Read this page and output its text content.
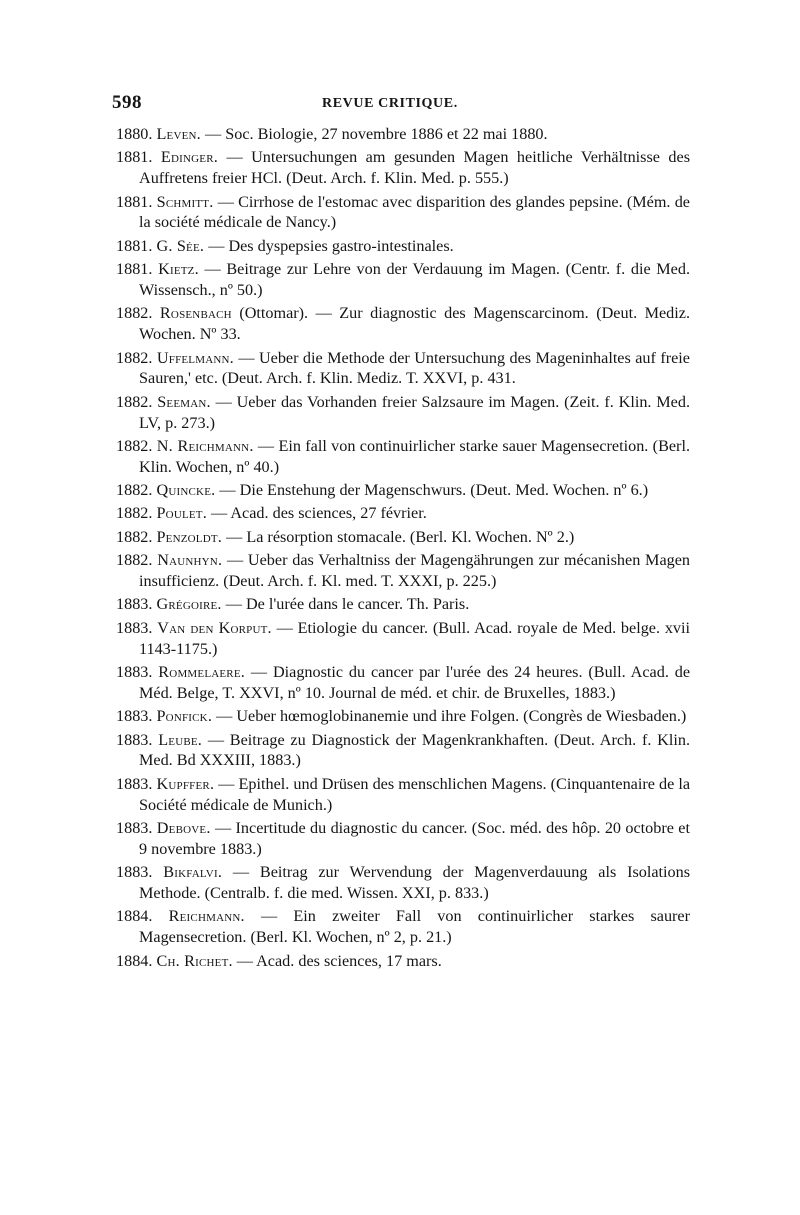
598	REVUE CRITIQUE.

1880. Leven. — Soc. Biologie, 27 novembre 1886 et 22 mai 1880.

1881. Edinger. — Untersuchungen am gesunden Magen heitliche Verhältnisse des Auffretens freier HCl. (Deut. Arch. f. Klin. Med. p. 555.)

1881. Schmitt. — Cirrhose de l'estomac avec disparition des glandes pepsine. (Mém. de la société médicale de Nancy.)

1881. G. Sée. — Des dyspepsies gastro-intestinales.

1881. Kietz. — Beitrage zur Lehre von der Verdauung im Magen. (Centr. f. die Med. Wissensch., nº 50.)

1882. Rosenbach (Ottomar). — Zur diagnostic des Magenscarcinom. (Deut. Mediz. Wochen. Nº 33.

1882. Uffelmann. — Ueber die Methode der Untersuchung des Mageninhaltes auf freie Sauren,' etc. (Deut. Arch. f. Klin. Mediz. T. XXVI, p. 431.

1882. Seeman. — Ueber das Vorhanden freier Salzsaure im Magen. (Zeit. f. Klin. Med. LV, p. 273.)

1882. N. Reichmann. — Ein fall von continuirlicher starke sauer Magensecretion. (Berl. Klin. Wochen, nº 40.)

1882. Quincke. — Die Enstehung der Magenschwurs. (Deut. Med. Wochen. nº 6.)

1882. Poulet. — Acad. des sciences, 27 février.

1882. Penzoldt. — La résorption stomacale. (Berl. Kl. Wochen. Nº 2.)

1882. Naunhyn. — Ueber das Verhaltniss der Magengährungen zur mécanishen Magen insufficienz. (Deut. Arch. f. Kl. med. T. XXXI, p. 225.)

1883. Grégoire. — De l'urée dans le cancer. Th. Paris.

1883. Van den Korput. — Etiologie du cancer. (Bull. Acad. royale de Med. belge. xvii 1143-1175.)

1883. Rommelaere. — Diagnostic du cancer par l'urée des 24 heures. (Bull. Acad. de Méd. Belge, T. XXVI, nº 10. Journal de méd. et chir. de Bruxelles, 1883.)

1883. Ponfick. — Ueber hœmoglobinanemie und ihre Folgen. (Congrès de Wiesbaden.)

1883. Leube. — Beitrage zu Diagnostick der Magenkrankhaften. (Deut. Arch. f. Klin. Med. Bd XXXIII, 1883.)

1883. Kupffer. — Epithel. und Drüsen des menschlichen Magens. (Cinquantenaire de la Société médicale de Munich.)

1883. Debove. — Incertitude du diagnostic du cancer. (Soc. méd. des hôp. 20 octobre et 9 novembre 1883.)

1883. Bikfalvi. — Beitrag zur Wervendung der Magenverdauung als Isolations Methode. (Centralb. f. die med. Wissen. XXI, p. 833.)

1884. Reichmann. — Ein zweiter Fall von continuirlicher starkes saurer Magensecretion. (Berl. Kl. Wochen, nº 2, p. 21.)

1884. Ch. Richet. — Acad. des sciences, 17 mars.
